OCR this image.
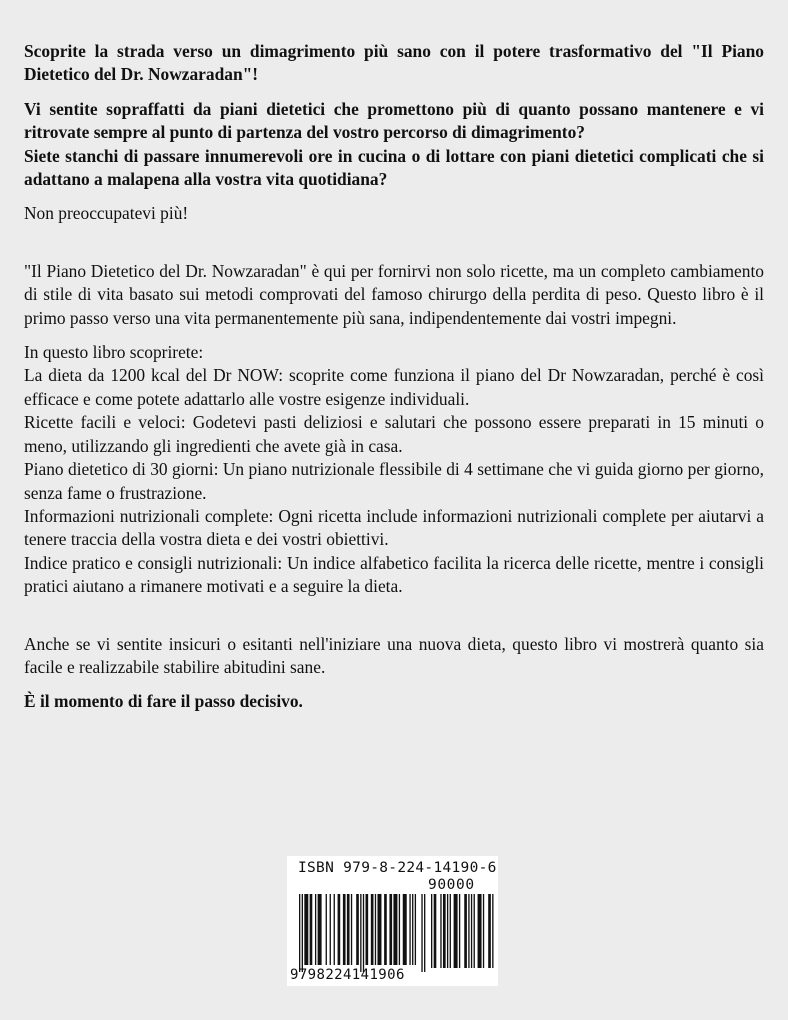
Scoprite la strada verso un dimagrimento più sano con il potere trasformativo del "Il Piano Dietetico del Dr. Nowzaradan"!

Vi sentite sopraffatti da piani dietetici che promettono più di quanto possano mantenere e vi ritrovate sempre al punto di partenza del vostro percorso di dimagrimento?

Siete stanchi di passare innumerevoli ore in cucina o di lottare con piani dietetici complicati che si adattano a malapena alla vostra vita quotidiana?

Non preoccupatevi più!

"Il Piano Dietetico del Dr. Nowzaradan" è qui per fornirvi non solo ricette, ma un completo cambiamento di stile di vita basato sui metodi comprovati del famoso chirurgo della perdita di peso. Questo libro è il primo passo verso una vita permanentemente più sana, indipendentemente dai vostri impegni.

In questo libro scoprirete:

La dieta da 1200 kcal del Dr NOW: scoprite come funziona il piano del Dr Nowzaradan, perché è così efficace e come potete adattarlo alle vostre esigenze individuali.

Ricette facili e veloci: Godetevi pasti deliziosi e salutari che possono essere preparati in 15 minuti o meno, utilizzando gli ingredienti che avete già in casa.

Piano dietetico di 30 giorni: Un piano nutrizionale flessibile di 4 settimane che vi guida giorno per giorno, senza fame o frustrazione.

Informazioni nutrizionali complete: Ogni ricetta include informazioni nutrizionali complete per aiutarvi a tenere traccia della vostra dieta e dei vostri obiettivi.

Indice pratico e consigli nutrizionali: Un indice alfabetico facilita la ricerca delle ricette, mentre i consigli pratici aiutano a rimanere motivati e a seguire la dieta.

Anche se vi sentite insicuri o esitanti nell'iniziare una nuova dieta, questo libro vi mostrerà quanto sia facile e realizzabile stabilire abitudini sane.

È il momento di fare il passo decisivo.

ISBN 979-8-224-14190-6
90000
9798224141906
